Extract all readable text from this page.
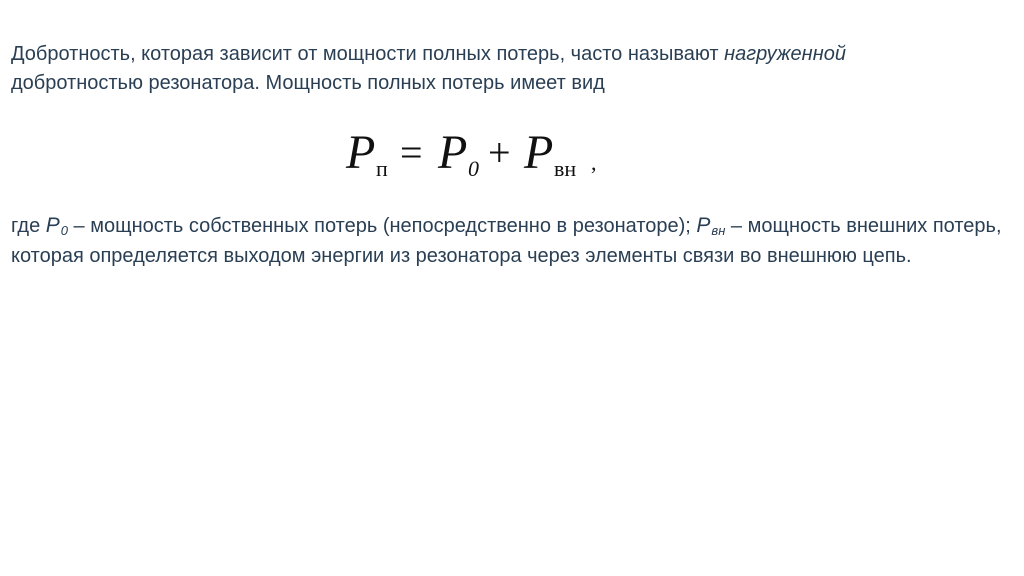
Добротность, которая зависит от мощности полных потерь, часто называют нагруженной
добротностью резонатора. Мощность полных потерь имеет вид

P п = P 0 + P вн ,

где P0 – мощность собственных потерь (непосредственно в резонаторе); Pвн – мощность внешних потерь, которая определяется выходом энергии из резонатора через элементы связи во внешнюю цепь.
